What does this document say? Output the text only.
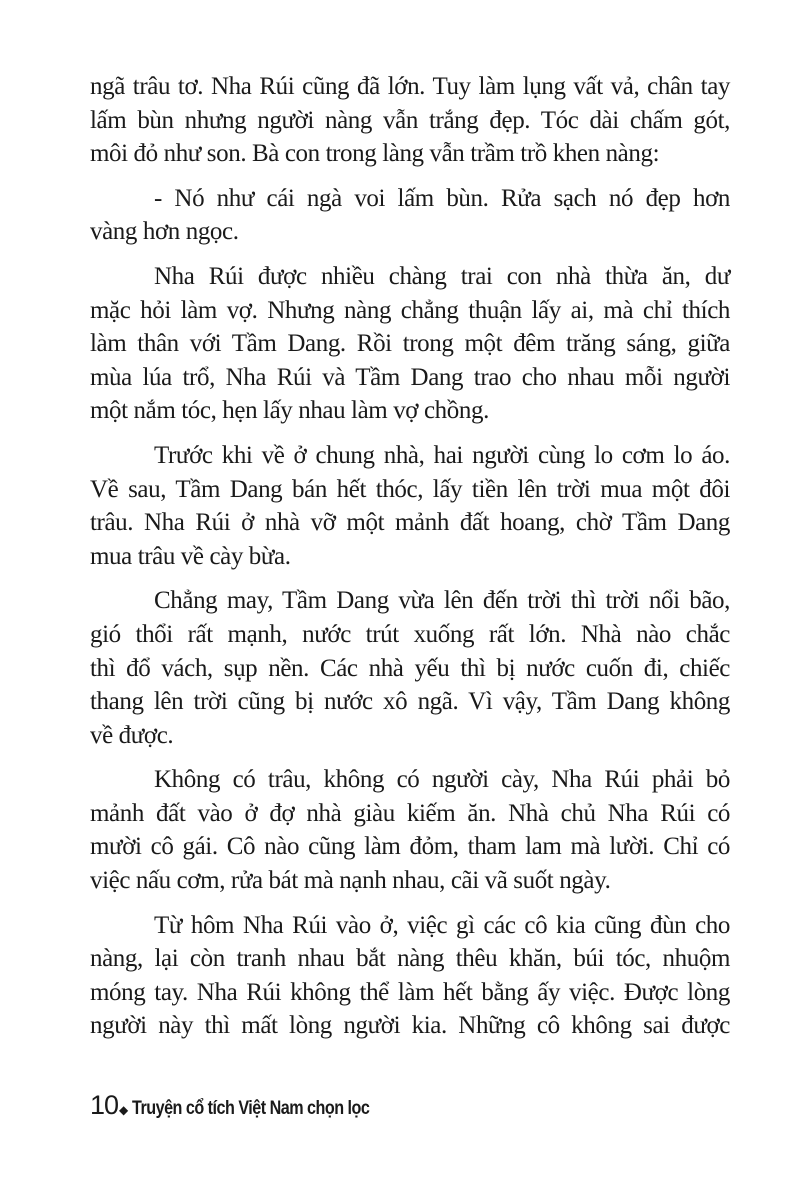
ngã trâu tơ. Nha Rúi cũng đã lớn. Tuy làm lụng vất vả, chân tay
lấm bùn nhưng người nàng vẫn trắng đẹp. Tóc dài chấm gót,
môi đỏ như son. Bà con trong làng vẫn trầm trồ khen nàng:
- Nó như cái ngà voi lấm bùn. Rửa sạch nó đẹp hơn
vàng hơn ngọc.
Nha Rúi được nhiều chàng trai con nhà thừa ăn, dư
mặc hỏi làm vợ. Nhưng nàng chẳng thuận lấy ai, mà chỉ thích
làm thân với Tầm Dang. Rồi trong một đêm trăng sáng, giữa
mùa lúa trổ, Nha Rúi và Tầm Dang trao cho nhau mỗi người
một nắm tóc, hẹn lấy nhau làm vợ chồng.
Trước khi về ở chung nhà, hai người cùng lo cơm lo áo.
Về sau, Tầm Dang bán hết thóc, lấy tiền lên trời mua một đôi
trâu. Nha Rúi ở nhà vỡ một mảnh đất hoang, chờ Tầm Dang
mua trâu về cày bừa.
Chẳng may, Tầm Dang vừa lên đến trời thì trời nổi bão,
gió thổi rất mạnh, nước trút xuống rất lớn. Nhà nào chắc
thì đổ vách, sụp nền. Các nhà yếu thì bị nước cuốn đi, chiếc
thang lên trời cũng bị nước xô ngã. Vì vậy, Tầm Dang không
về được.
Không có trâu, không có người cày, Nha Rúi phải bỏ
mảnh đất vào ở đợ nhà giàu kiếm ăn. Nhà chủ Nha Rúi có
mười cô gái. Cô nào cũng làm đỏm, tham lam mà lười. Chỉ có
việc nấu cơm, rửa bát mà nạnh nhau, cãi vã suốt ngày.
Từ hôm Nha Rúi vào ở, việc gì các cô kia cũng đùn cho
nàng, lại còn tranh nhau bắt nàng thêu khăn, búi tóc, nhuộm
móng tay. Nha Rúi không thể làm hết bằng ấy việc. Được lòng
người này thì mất lòng người kia. Những cô không sai được
10 ◆ Truyện cổ tích Việt Nam chọn lọc
